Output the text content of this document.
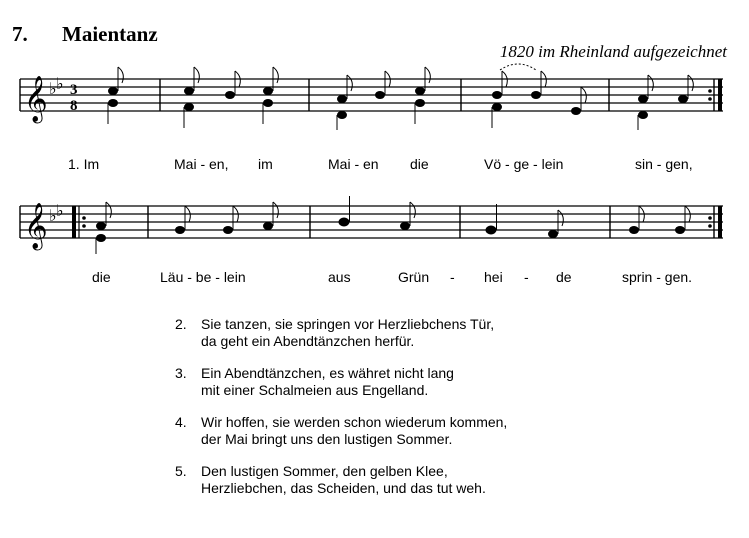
7. Maientanz
1820 im Rheinland aufgezeichnet
𝄞 ♭ ♭ 3
8
1. Im	Mai - en, im	Mai - en die	Vö - ge - lein	sin - gen,
𝄞 ♭ ♭
die	Läu - be - lein	aus	Grün - hei - de	sprin - gen.
2.	Sie tanzen, sie springen vor Herzliebchens Tür,
da geht ein Abendtänzchen herfür.
3.	Ein Abendtänzchen, es währet nicht lang
mit einer Schalmeien aus Engelland.
4.	Wir hoffen, sie werden schon wiederum kommen,
der Mai bringt uns den lustigen Sommer.
5.	Den lustigen Sommer, den gelben Klee,
Herzliebchen, das Scheiden, und das tut weh.
